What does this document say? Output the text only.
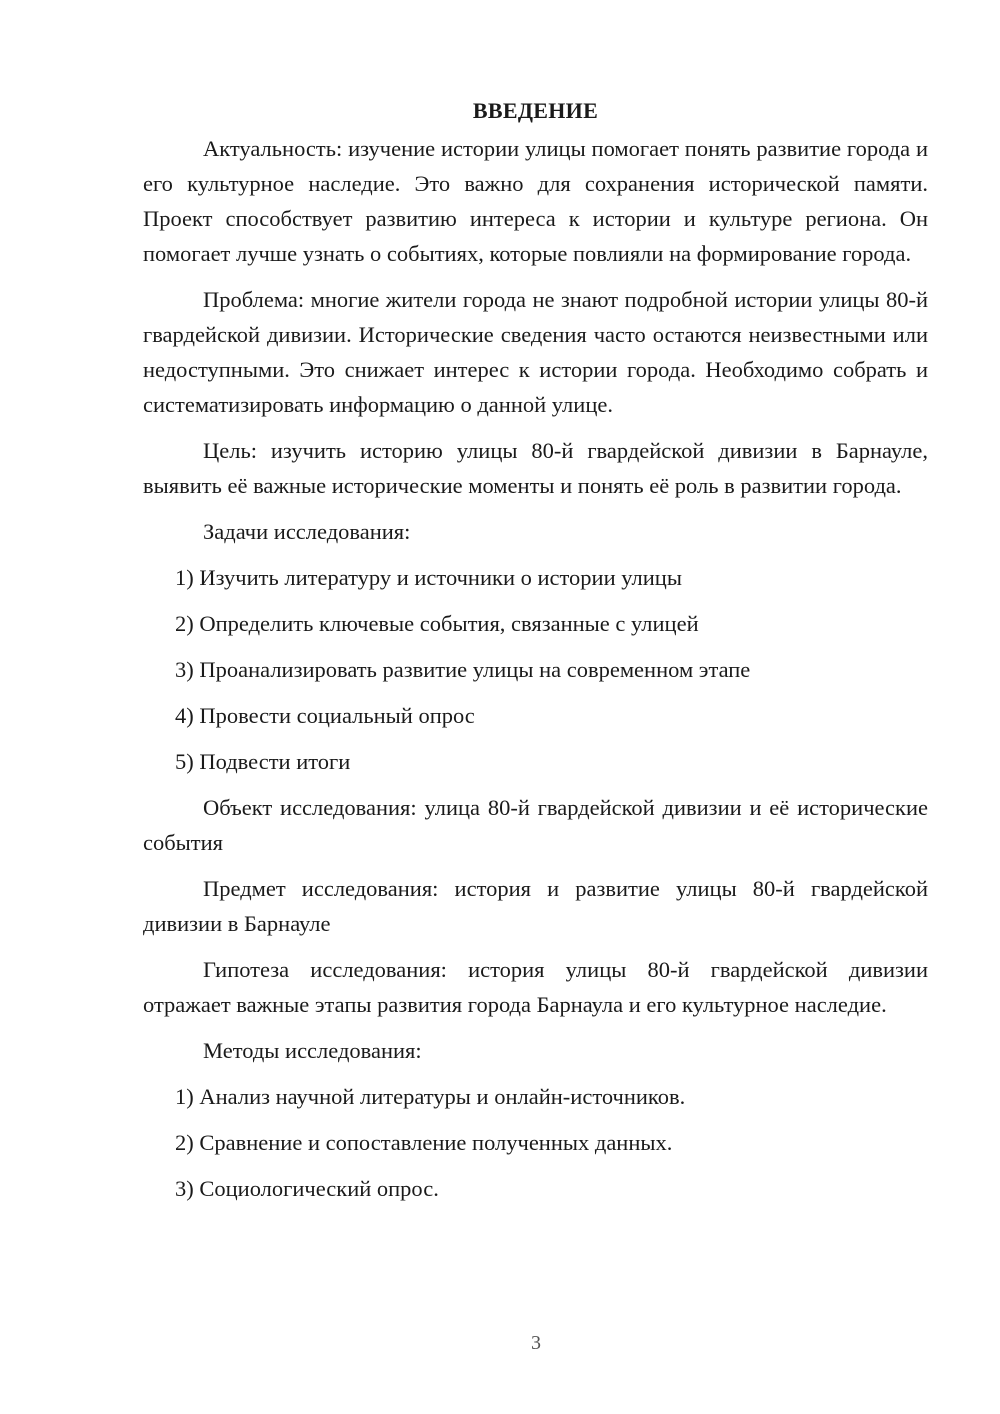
ВВЕДЕНИЕ

Актуальность: изучение истории улицы помогает понять развитие города и его культурное наследие. Это важно для сохранения исторической памяти. Проект способствует развитию интереса к истории и культуре региона. Он помогает лучше узнать о событиях, которые повлияли на формирование города.

Проблема: многие жители города не знают подробной истории улицы 80-й гвардейской дивизии. Исторические сведения часто остаются неизвестными или недоступными. Это снижает интерес к истории города. Необходимо собрать и систематизировать информацию о данной улице.

Цель: изучить историю улицы 80-й гвардейской дивизии в Барнауле, выявить её важные исторические моменты и понять её роль в развитии города.

Задачи исследования:
1) Изучить литературу и источники о истории улицы
2) Определить ключевые события, связанные с улицей
3) Проанализировать развитие улицы на современном этапе
4) Провести социальный опрос
5) Подвести итоги

Объект исследования: улица 80-й гвардейской дивизии и её исторические события

Предмет исследования: история и развитие улицы 80-й гвардейской дивизии в Барнауле

Гипотеза исследования: история улицы 80-й гвардейской дивизии отражает важные этапы развития города Барнаула и его культурное наследие.

Методы исследования:
1) Анализ научной литературы и онлайн-источников.
2) Сравнение и сопоставление полученных данных.
3) Социологический опрос.
3
